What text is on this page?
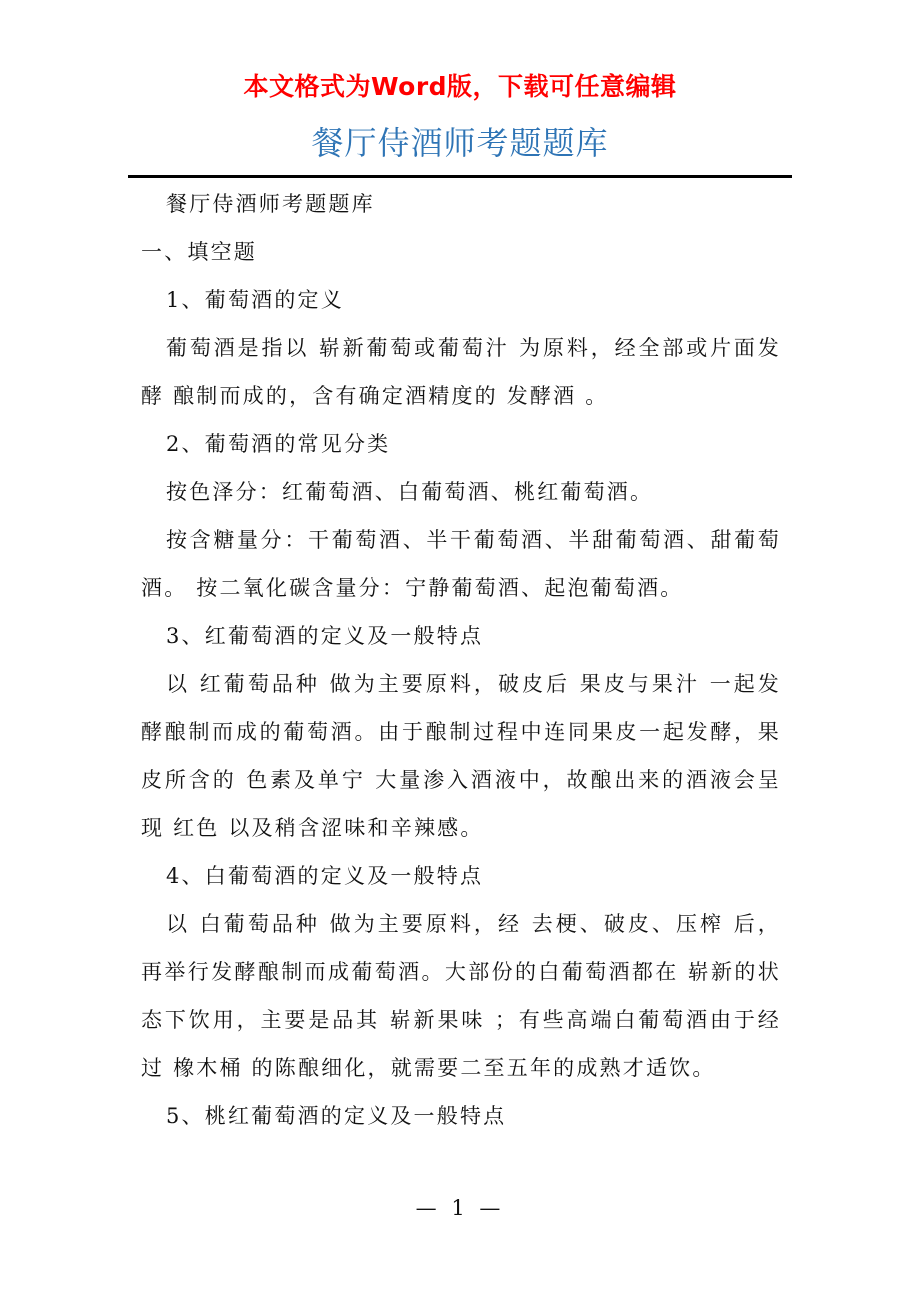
本文格式为Word版，下载可任意编辑
餐厅侍酒师考题题库

餐厅侍酒师考题题库

一、填空题

1、葡萄酒的定义

葡萄酒是指以 崭新葡萄或葡萄汁 为原料，经全部或片面发酵 酿制而成的，含有确定酒精度的 发酵酒 。

2、葡萄酒的常见分类

按色泽分：红葡萄酒、白葡萄酒、桃红葡萄酒。

按含糖量分：干葡萄酒、半干葡萄酒、半甜葡萄酒、甜葡萄酒。 按二氧化碳含量分：宁静葡萄酒、起泡葡萄酒。

3、红葡萄酒的定义及一般特点

以 红葡萄品种 做为主要原料，破皮后 果皮与果汁 一起发酵酿制而成的葡萄酒。由于酿制过程中连同果皮一起发酵，果皮所含的 色素及单宁 大量渗入酒液中，故酿出来的酒液会呈现 红色 以及稍含涩味和辛辣感。

4、白葡萄酒的定义及一般特点

以 白葡萄品种 做为主要原料，经 去梗、破皮、压榨 后，再举行发酵酿制而成葡萄酒。大部份的白葡萄酒都在 崭新的状态下饮用，主要是品其 崭新果味 ；有些高端白葡萄酒由于经过 橡木桶 的陈酿细化，就需要二至五年的成熟才适饮。

5、桃红葡萄酒的定义及一般特点

— 1 —
